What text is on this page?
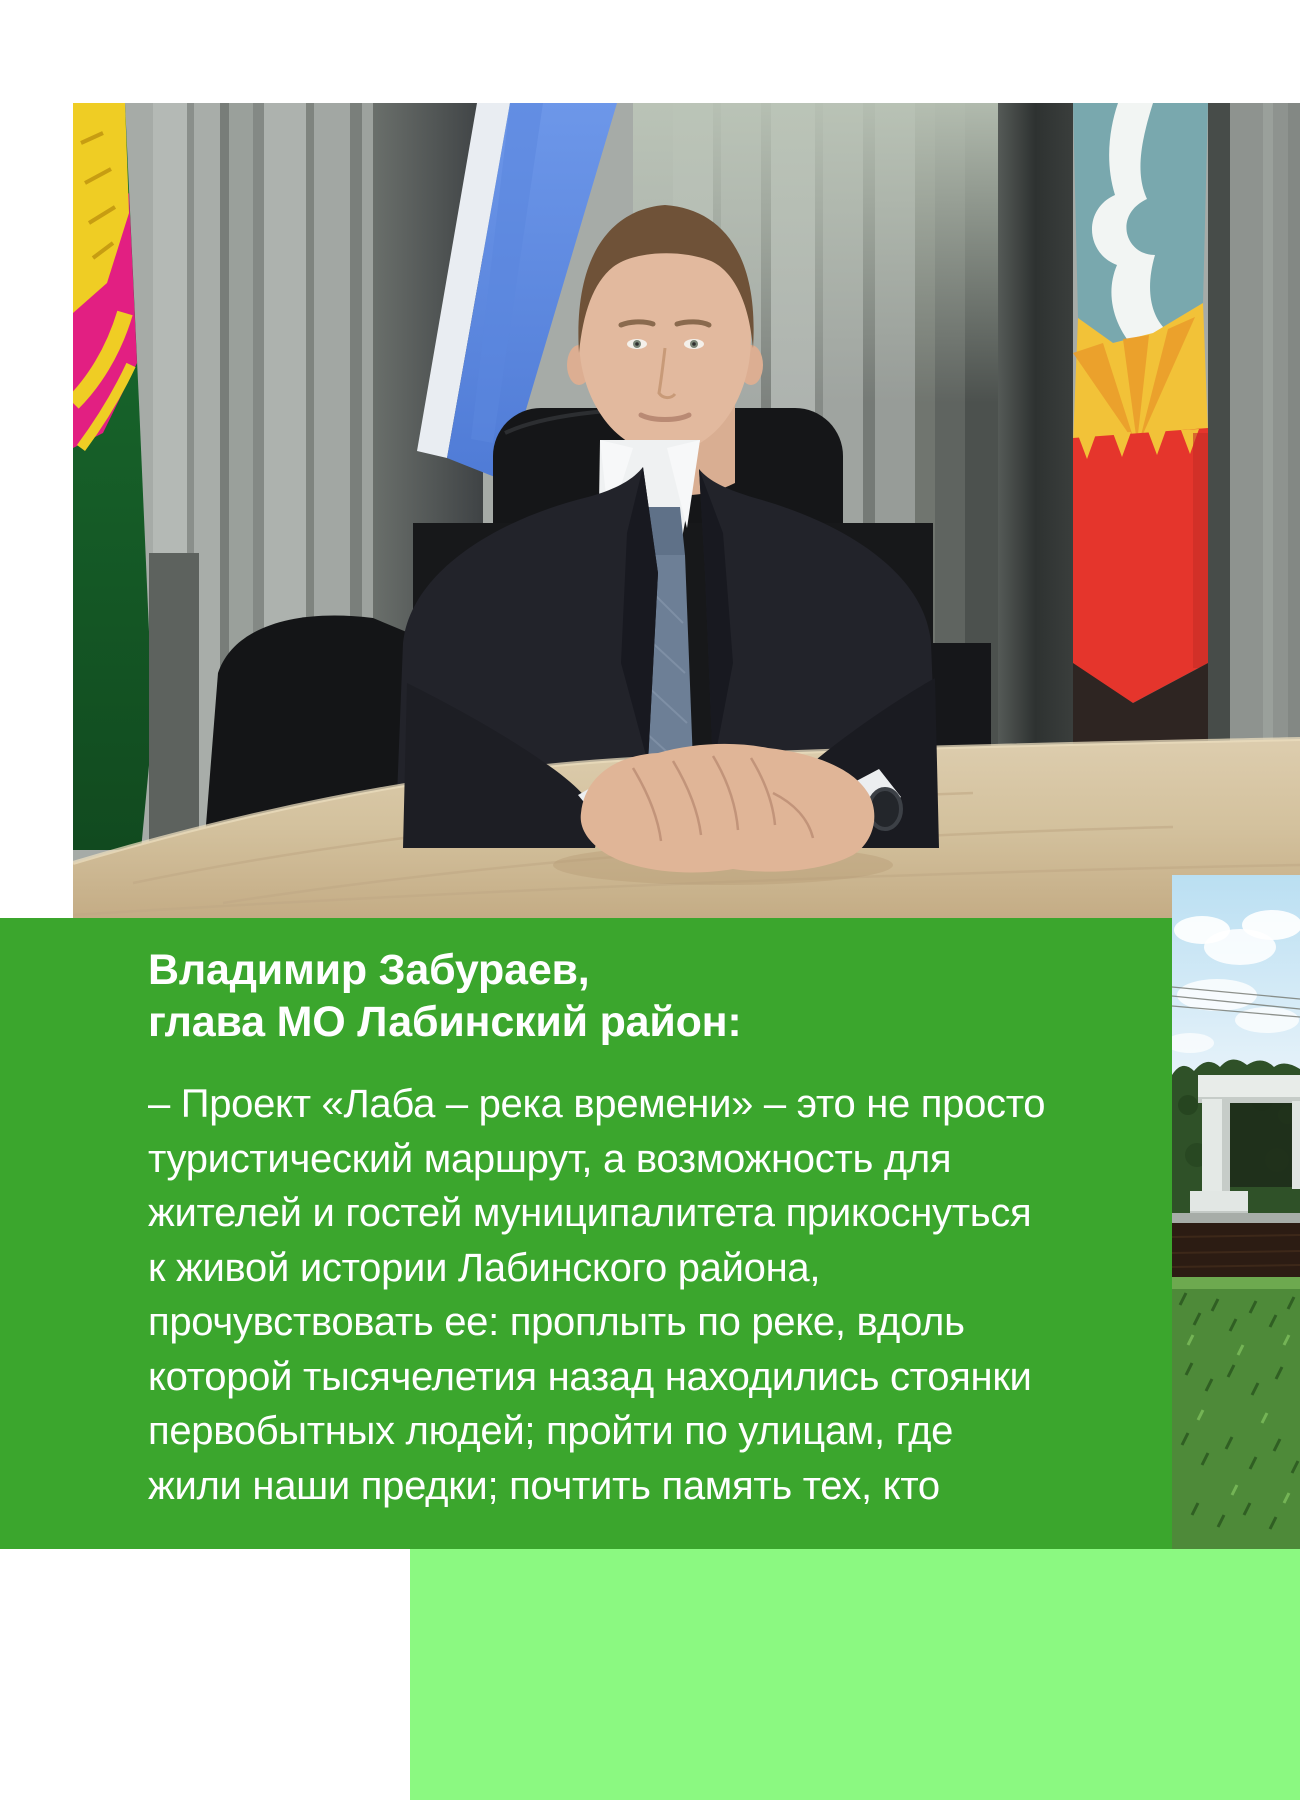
Владимир Забураев,
глава МО Лабинский район:
– Проект «Лаба – река времени» – это не просто
туристический маршрут, а возможность для
жителей и гостей муниципалитета прикоснуться
к живой истории Лабинского района,
прочувствовать ее: проплыть по реке, вдоль
которой тысячелетия назад находились стоянки
первобытных людей; пройти по улицам, где
жили наши предки; почтить память тех, кто
